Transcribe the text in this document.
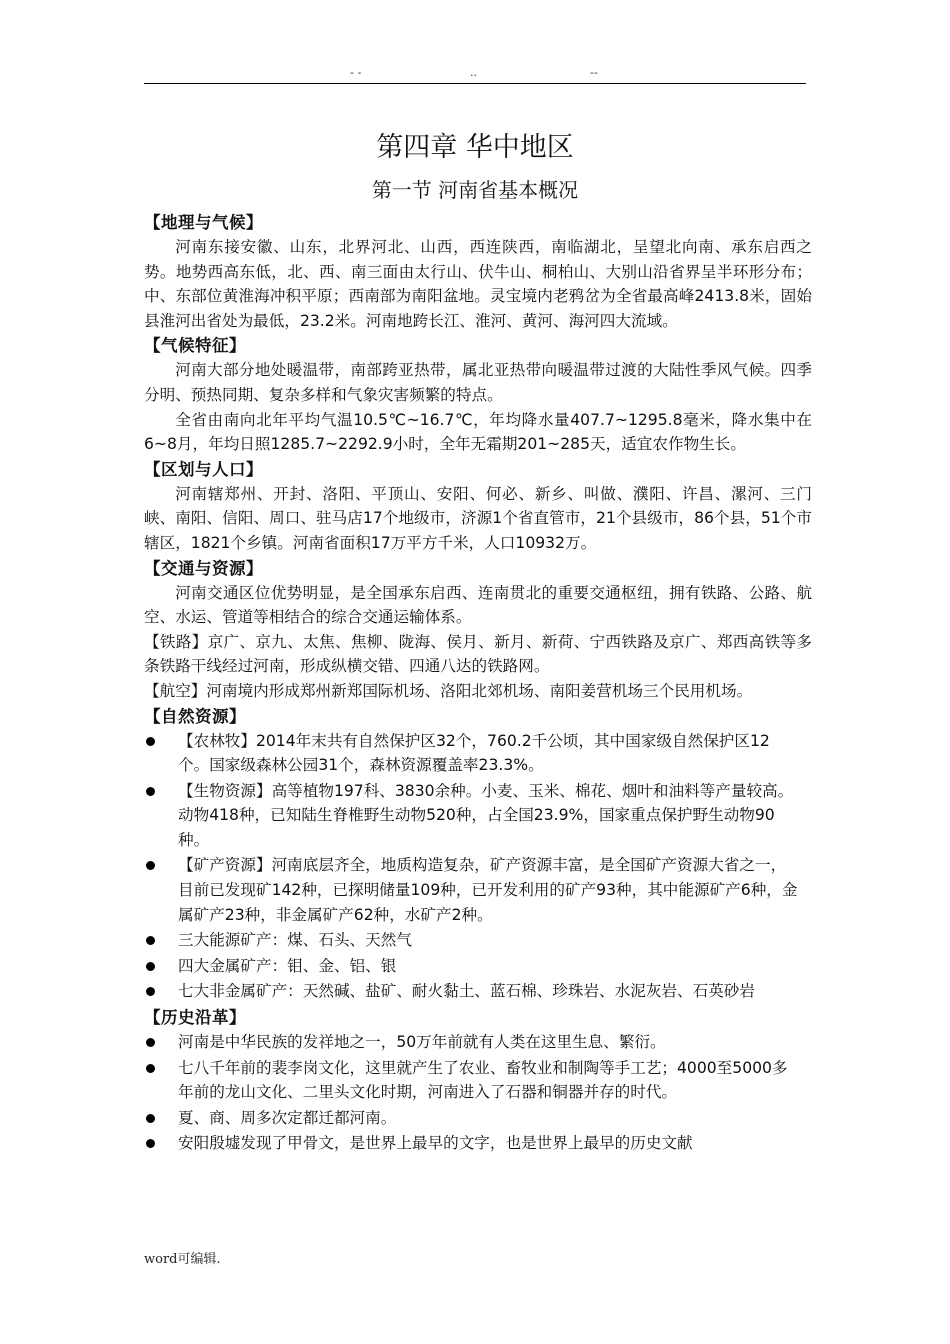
- -	..	--
第四章 华中地区
第一节 河南省基本概况
【地理与气候】

河南东接安徽、山东，北界河北、山西，西连陕西，南临湖北，呈望北向南、承东启西之势。地势西高东低，北、西、南三面由太行山、伏牛山、桐柏山、大别山沿省界呈半环形分布；中、东部位黄淮海冲积平原；西南部为南阳盆地。灵宝境内老鸦岔为全省最高峰2413.8米，固始县淮河出省处为最低，23.2米。河南地跨长江、淮河、黄河、海河四大流域。

【气候特征】

河南大部分地处暖温带，南部跨亚热带，属北亚热带向暖温带过渡的大陆性季风气候。四季分明、预热同期、复杂多样和气象灾害频繁的特点。

全省由南向北年平均气温10.5℃~16.7℃，年均降水量407.7~1295.8毫米，降水集中在6~8月，年均日照1285.7~2292.9小时，全年无霜期201~285天，适宜农作物生长。

【区划与人口】

河南辖郑州、开封、洛阳、平顶山、安阳、何必、新乡、叫做、濮阳、许昌、漯河、三门峡、南阳、信阳、周口、驻马店17个地级市，济源1个省直管市，21个县级市，86个县，51个市辖区，1821个乡镇。河南省面积17万平方千米，人口10932万。

【交通与资源】

河南交通区位优势明显，是全国承东启西、连南贯北的重要交通枢纽，拥有铁路、公路、航空、水运、管道等相结合的综合交通运输体系。

【铁路】京广、京九、太焦、焦柳、陇海、侯月、新月、新荷、宁西铁路及京广、郑西高铁等多条铁路干线经过河南，形成纵横交错、四通八达的铁路网。

【航空】河南境内形成郑州新郑国际机场、洛阳北郊机场、南阳姜营机场三个民用机场。

【自然资源】
【农林牧】2014年末共有自然保护区32个，760.2千公顷，其中国家级自然保护区12个。国家级森林公园31个，森林资源覆盖率23.3%。
【生物资源】高等植物197科、3830余种。小麦、玉米、棉花、烟叶和油料等产量较高。动物418种，已知陆生脊椎野生动物520种，占全国23.9%，国家重点保护野生动物90种。
【矿产资源】河南底层齐全，地质构造复杂，矿产资源丰富，是全国矿产资源大省之一，目前已发现矿142种，已探明储量109种，已开发利用的矿产93种，其中能源矿产6种，金属矿产23种，非金属矿产62种，水矿产2种。
三大能源矿产：煤、石头、天然气
四大金属矿产：钼、金、铝、银
七大非金属矿产：天然碱、盐矿、耐火黏土、蓝石棉、珍珠岩、水泥灰岩、石英砂岩
【历史沿革】
河南是中华民族的发祥地之一，50万年前就有人类在这里生息、繁衍。
七八千年前的裴李岗文化，这里就产生了农业、畜牧业和制陶等手工艺；4000至5000多年前的龙山文化、二里头文化时期，河南进入了石器和铜器并存的时代。
夏、商、周多次定都迁都河南。
安阳殷墟发现了甲骨文，是世界上最早的文字，也是世界上最早的历史文献
word可编辑.
